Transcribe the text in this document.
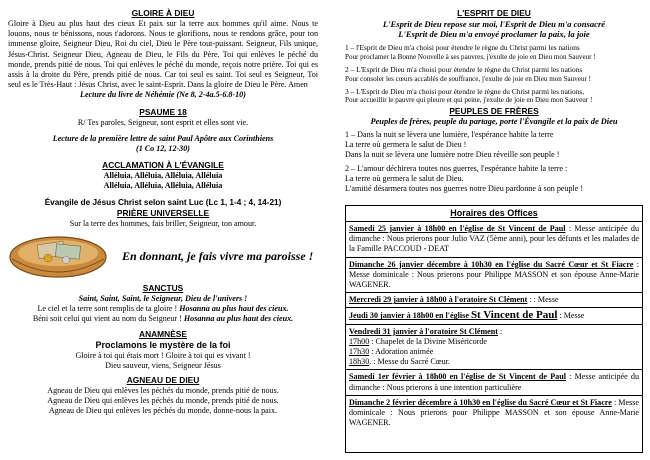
GLOIRE À DIEU

Gloire à Dieu au plus haut des cieux Et paix sur la terre aux hommes qu'il aime. Nous te louons, nous te bénissons, nous t'adorons. Nous te glorifions, nous te rendons grâce, pour ton immense gloire, Seigneur Dieu, Roi du ciel, Dieu le Père tout-puissant. Seigneur, Fils unique, Jésus-Christ. Seigneur Dieu, Agneau de Dieu, le Fils du Père. Toi qui enlèves le péché du monde, prends pitié de nous. Toi qui enlèves le péché du monde, reçois notre prière. Toi qui es assis à la droite du Père, prends pitié de nous. Car toi seul es saint. Toi seul es Seigneur, Toi seul es le Très-Haut : Jésus Christ, avec le saint-Esprit. Dans la gloire de Dieu le Père. Amen

Lecture du livre de Néhémie (Ne 8, 2-4a.5-6.8-10)

PSAUME 18

R/ Tes paroles, Seigneur, sont esprit et elles sont vie.

Lecture de la première lettre de saint Paul Apôtre aux Corinthiens

(1 Co 12, 12-30)

ACCLAMATION À L'ÉVANGILE

Alléluia, Alléluia, Alléluia, Alléluia

Alléluia, Alléluia, Alléluia, Alléluia

Évangile de Jésus Christ selon saint Luc (Lc 1, 1-4 ; 4, 14-21)

PRIÈRE UNIVERSELLE

Sur la terre des hommes, fais briller, Seigneur, ton amour.

En donnant, je fais vivre ma paroisse !

SANCTUS

Saint, Saint, Saint, le Seigneur, Dieu de l'univers !

Le ciel et la terre sont remplis de ta gloire ! Hosanna au plus haut des cieux.

Béni soit celui qui vient au nom du Seigneur ! Hosanna au plus haut des cieux.

ANAMNÈSE

Proclamons le mystère de la foi

Gloire à toi qui étais mort ! Gloire à toi qui es vivant !

Dieu sauveur, viens, Seigneur Jésus

AGNEAU DE DIEU

Agneau de Dieu qui enlèves les péchés du monde, prends pitié de nous.

Agneau de Dieu qui enlèves les péchés du monde, prends pitié de nous.

Agneau de Dieu qui enlèves les péchés du monde, donne-nous la paix.

L'ESPRIT DE DIEU

L'Esprit de Dieu repose sur moi, l'Esprit de Dieu m'a consacré

L'Esprit de Dieu m'a envoyé proclamer la paix, la joie

1 – l'Esprit de Dieu m'a choisi pour étendre le règne du Christ parmi les nations

Pour proclamer la Bonne Nouvelle à ses pauvres, j'exulte de joie en Dieu mon Sauveur !

2 – L'Esprit de Dieu m'a choisi pour étendre le règne du Christ parmi les nations

Pour consoler les cœurs accablés de souffrance, j'exulte de joie en Dieu mon Sauveur !

3 – L'Esprit de Dieu m'a choisi pour étendre le règne du Christ parmi les nations,

Pour accueillir le pauvre qui pleure et qui peine, j'exulte de joie en Dieu mon Sauveur !

PEUPLES DE FRÈRES

Peuples de frères, peuple du partage, porte l'Évangile et la paix de Dieu

1 – Dans la nuit se lèvera une lumière, l'espérance habite la terre

La terre où germera le salut de Dieu !

Dans la nuit se lèvera une lumière notre Dieu réveille son peuple !

2 – L'amour déchirera toutes nos guerres, l'espérance habite la terre :

La terre où germera le salut de Dieu.

L'amitié désarmera toutes nos guerres notre Dieu pardonne à son peuple !

Horaires des Offices

Samedi 25 janvier à 18h00 en l'église de St Vincent de Paul : Messe anticipée du dimanche : Nous prierons pour Julio VAZ (5ème anni), pour les défunts et les malades de la Famille PACCOUD - DEAT

Dimanche 26 janvier décembre à 10h30 en l'église du Sacré Cœur et St Fiacre : Messe dominicale : Nous prierons pour Philippe MASSON et son épouse Anne-Marie WAGENER.

Mercredi 29 janvier à 18h00 à l'oratoire St Clément : : Messe

Jeudi 30 janvier à 18h00 en l'église St Vincent de Paul : Messe

Vendredi 31 janvier à l'oratoire St Clément :
17h00 : Chapelet de la Divine Miséricorde
17h30 : Adoration animée
18h30. : Messe du Sacré Cœur.

Samedi 1er février à 18h00 en l'église de St Vincent de Paul : Messe anticipée du dimanche : Nous prierons à une intention particulière

Dimanche 2 février décembre à 10h30 en l'église du Sacré Cœur et St Fiacre : Messe dominicale : Nous prierons pour Philippe MASSON et son épouse Anne-Marie WAGENER.
